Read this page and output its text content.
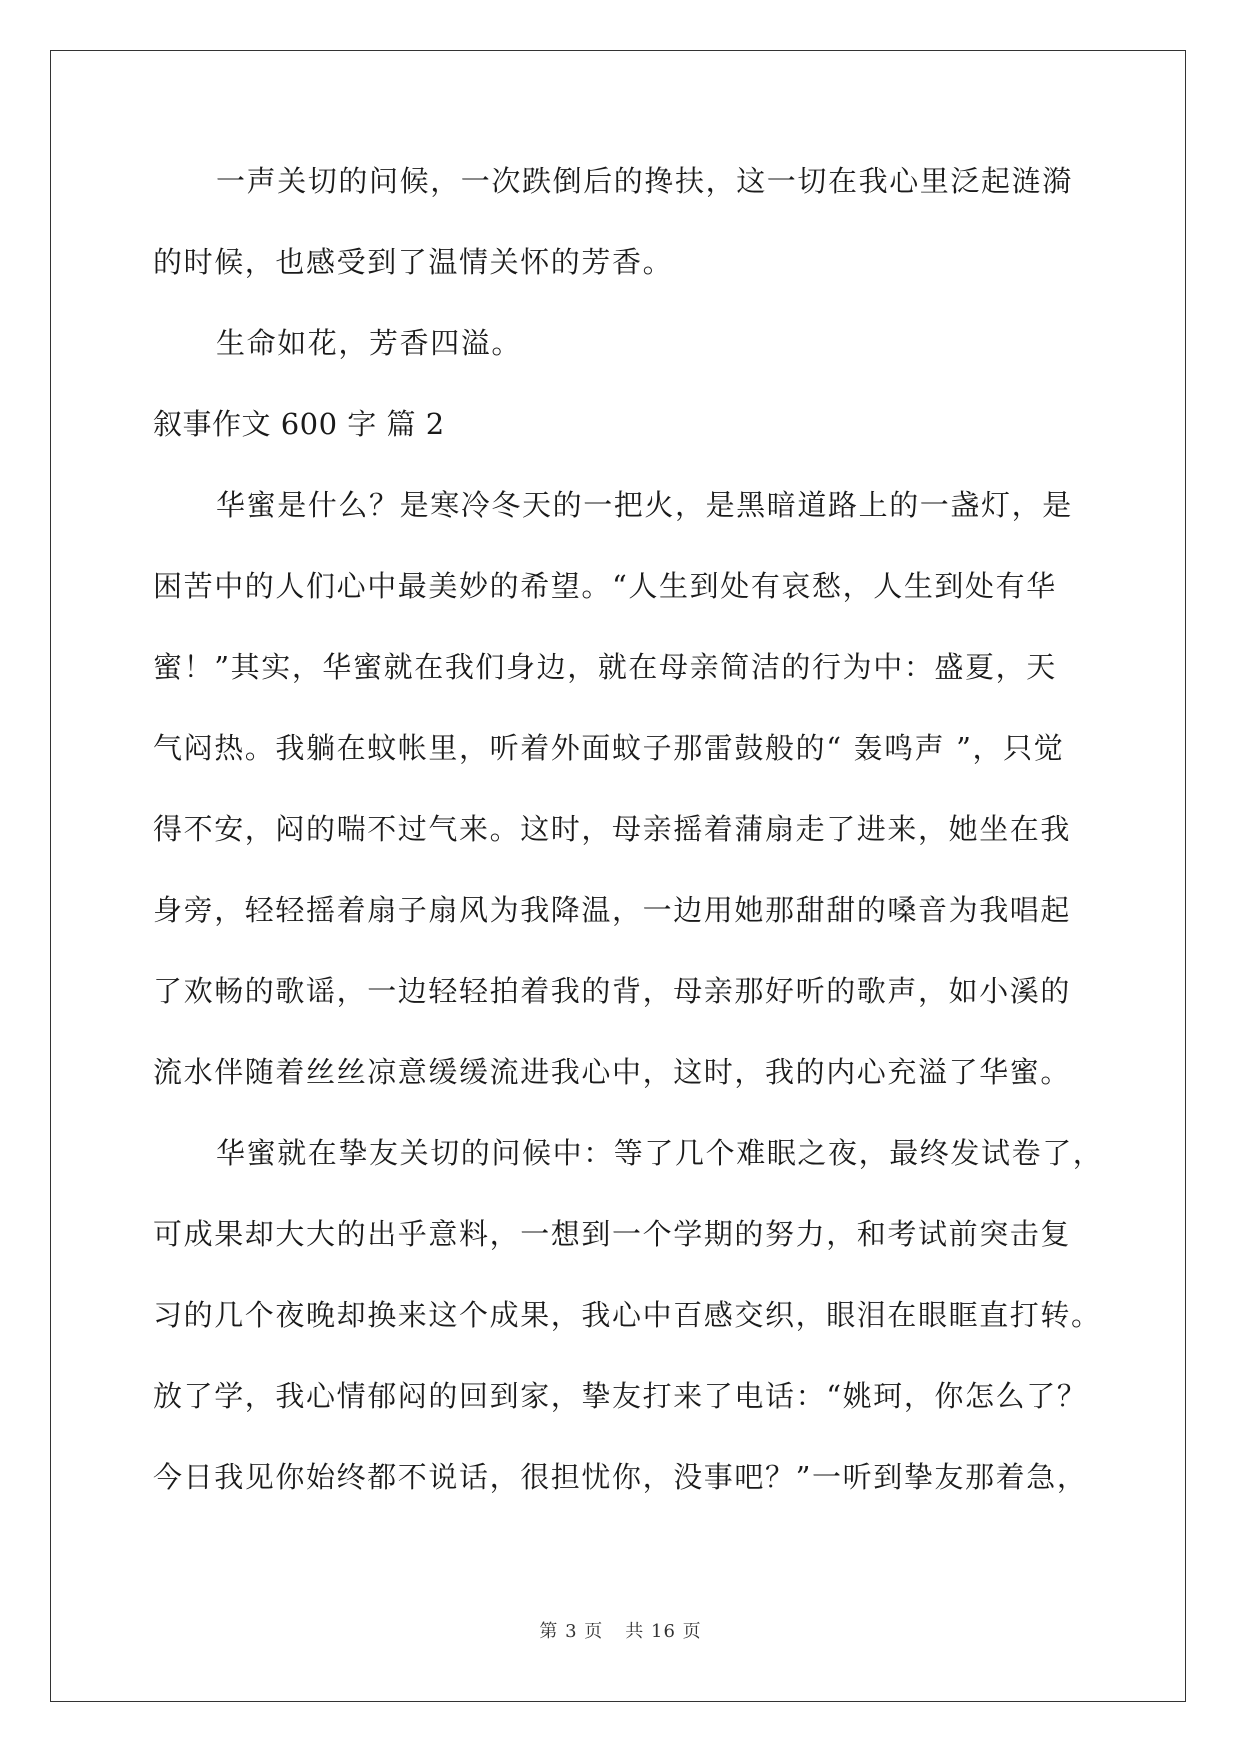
一声关切的问候，一次跌倒后的搀扶，这一切在我心里泛起涟漪
的时候，也感受到了温情关怀的芳香。
生命如花，芳香四溢。
叙事作文 600 字 篇 2
华蜜是什么？是寒冷冬天的一把火，是黑暗道路上的一盏灯，是
困苦中的人们心中最美妙的希望。“人生到处有哀愁，人生到处有华
蜜！”其实，华蜜就在我们身边，就在母亲简洁的行为中：盛夏，天
气闷热。我躺在蚊帐里，听着外面蚊子那雷鼓般的“ 轰鸣声 ”，只觉
得不安，闷的喘不过气来。这时，母亲摇着蒲扇走了进来，她坐在我
身旁，轻轻摇着扇子扇风为我降温，一边用她那甜甜的嗓音为我唱起
了欢畅的歌谣，一边轻轻拍着我的背，母亲那好听的歌声，如小溪的
流水伴随着丝丝凉意缓缓流进我心中，这时，我的内心充溢了华蜜。
华蜜就在挚友关切的问候中：等了几个难眠之夜，最终发试卷了，
可成果却大大的出乎意料，一想到一个学期的努力，和考试前突击复
习的几个夜晚却换来这个成果，我心中百感交织，眼泪在眼眶直打转。
放了学，我心情郁闷的回到家，挚友打来了电话：“姚珂，你怎么了？
今日我见你始终都不说话，很担忧你，没事吧？”一听到挚友那着急，
第 3 页 共 16 页
